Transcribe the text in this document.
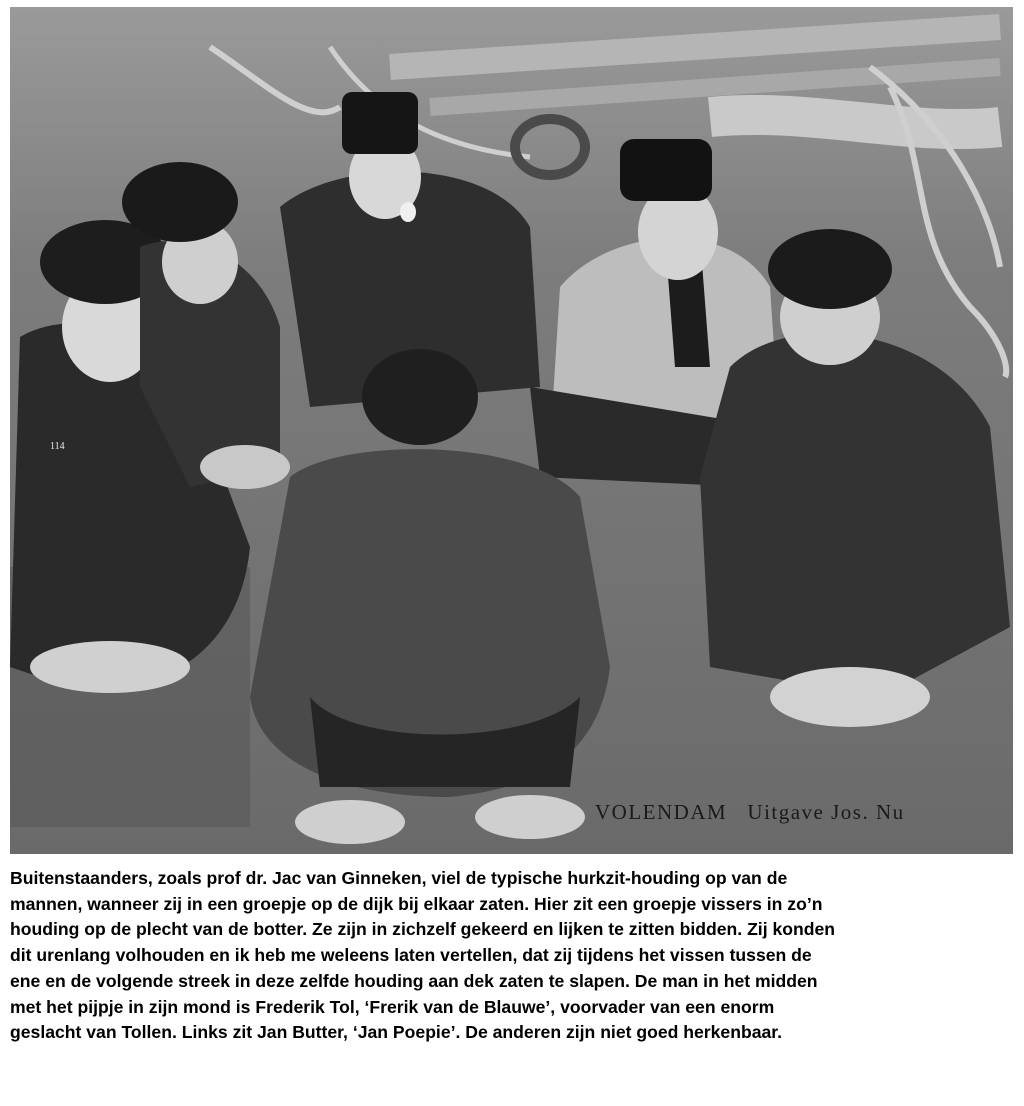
114
VOLENDAM Uitgave Jos. Nu
Buitenstaanders, zoals prof dr. Jac van Ginneken, viel de typische hurkzit-houding op van de
mannen, wanneer zij in een groepje op de dijk bij elkaar zaten. Hier zit een groepje vissers in zo’n
houding op de plecht van de botter. Ze zijn in zichzelf gekeerd en lijken te zitten bidden. Zij konden
dit urenlang volhouden en ik heb me weleens laten vertellen, dat zij tijdens het vissen tussen de
ene en de volgende streek in deze zelfde houding aan dek zaten te slapen. De man in het midden
met het pijpje in zijn mond is Frederik Tol, ‘Frerik van de Blauwe’, voorvader van een enorm
geslacht van Tollen. Links zit Jan Butter, ‘Jan Poepie’. De anderen zijn niet goed herkenbaar.
